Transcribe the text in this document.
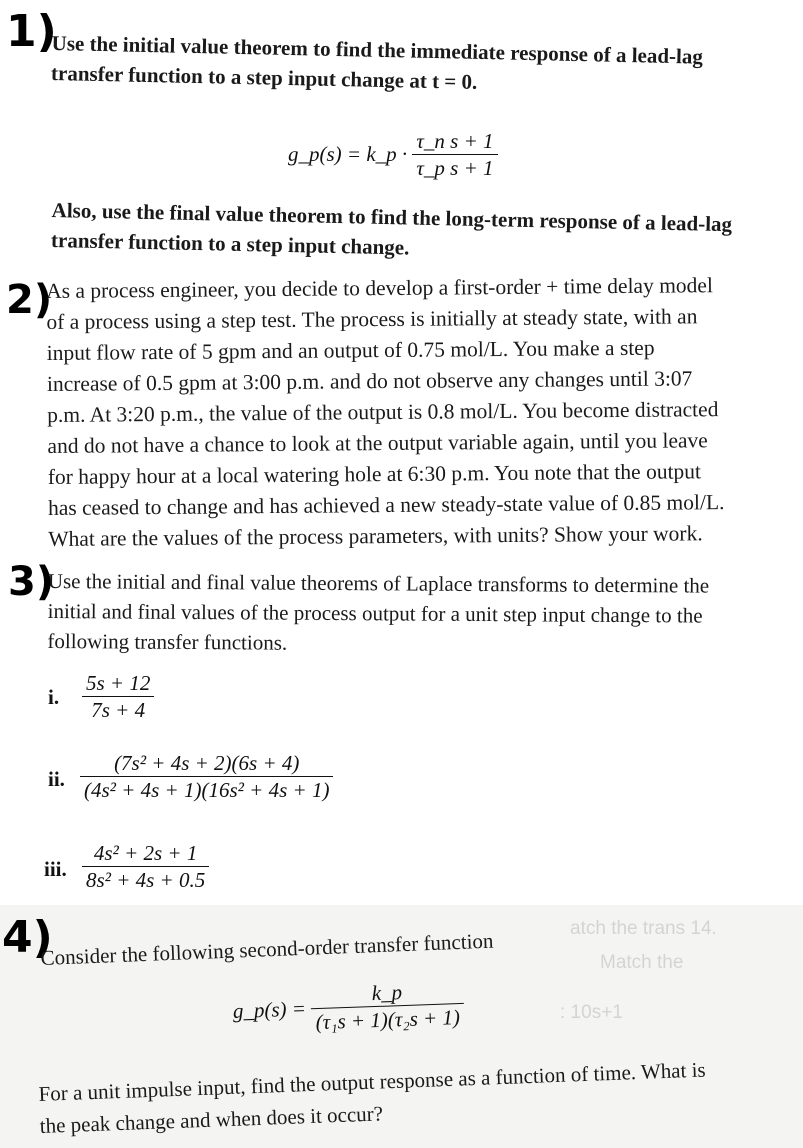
1)
Use the initial value theorem to find the immediate response of a lead-lag
transfer function to a step input change at t = 0.
g_p(s) = k_p · $\frac{\text{τ\_n s + 1}}{\text{τ\_p s + 1}}$
Also, use the final value theorem to find the long-term response of a lead-lag
transfer function to a step input change.
2)
As a process engineer, you decide to develop a first-order + time delay model
of a process using a step test. The process is initially at steady state, with an
input flow rate of 5 gpm and an output of 0.75 mol/L. You make a step
increase of 0.5 gpm at 3:00 p.m. and do not observe any changes until 3:07
p.m. At 3:20 p.m., the value of the output is 0.8 mol/L. You become distracted
and do not have a chance to look at the output variable again, until you leave
for happy hour at a local watering hole at 6:30 p.m. You note that the output
has ceased to change and has achieved a new steady-state value of 0.85 mol/L.
What are the values of the process parameters, with units? Show your work.
3)
Use the initial and final value theorems of Laplace transforms to determine the
initial and final values of the process output for a unit step input change to the
following transfer functions.
i. $\frac{5s + 12}{7s + 4}$
ii. $\frac{\text{(7s² + 4s + 2)(6s + 4)}}{\text{(4s² + 4s + 1)(16s² + 4s + 1)}}$
iii. $\frac{\text{4s² + 2s + 1}}{\text{8s² + 4s + 0.5}}$
atch the trans 14.
Match the
: 10s+1
4)
Consider the following second-order transfer function
g_p(s) = $\frac{k\_p}{\text{(τ₁s + 1)(τ₂s + 1)}}$
For a unit impulse input, find the output response as a function of time. What is
the peak change and when does it occur?
